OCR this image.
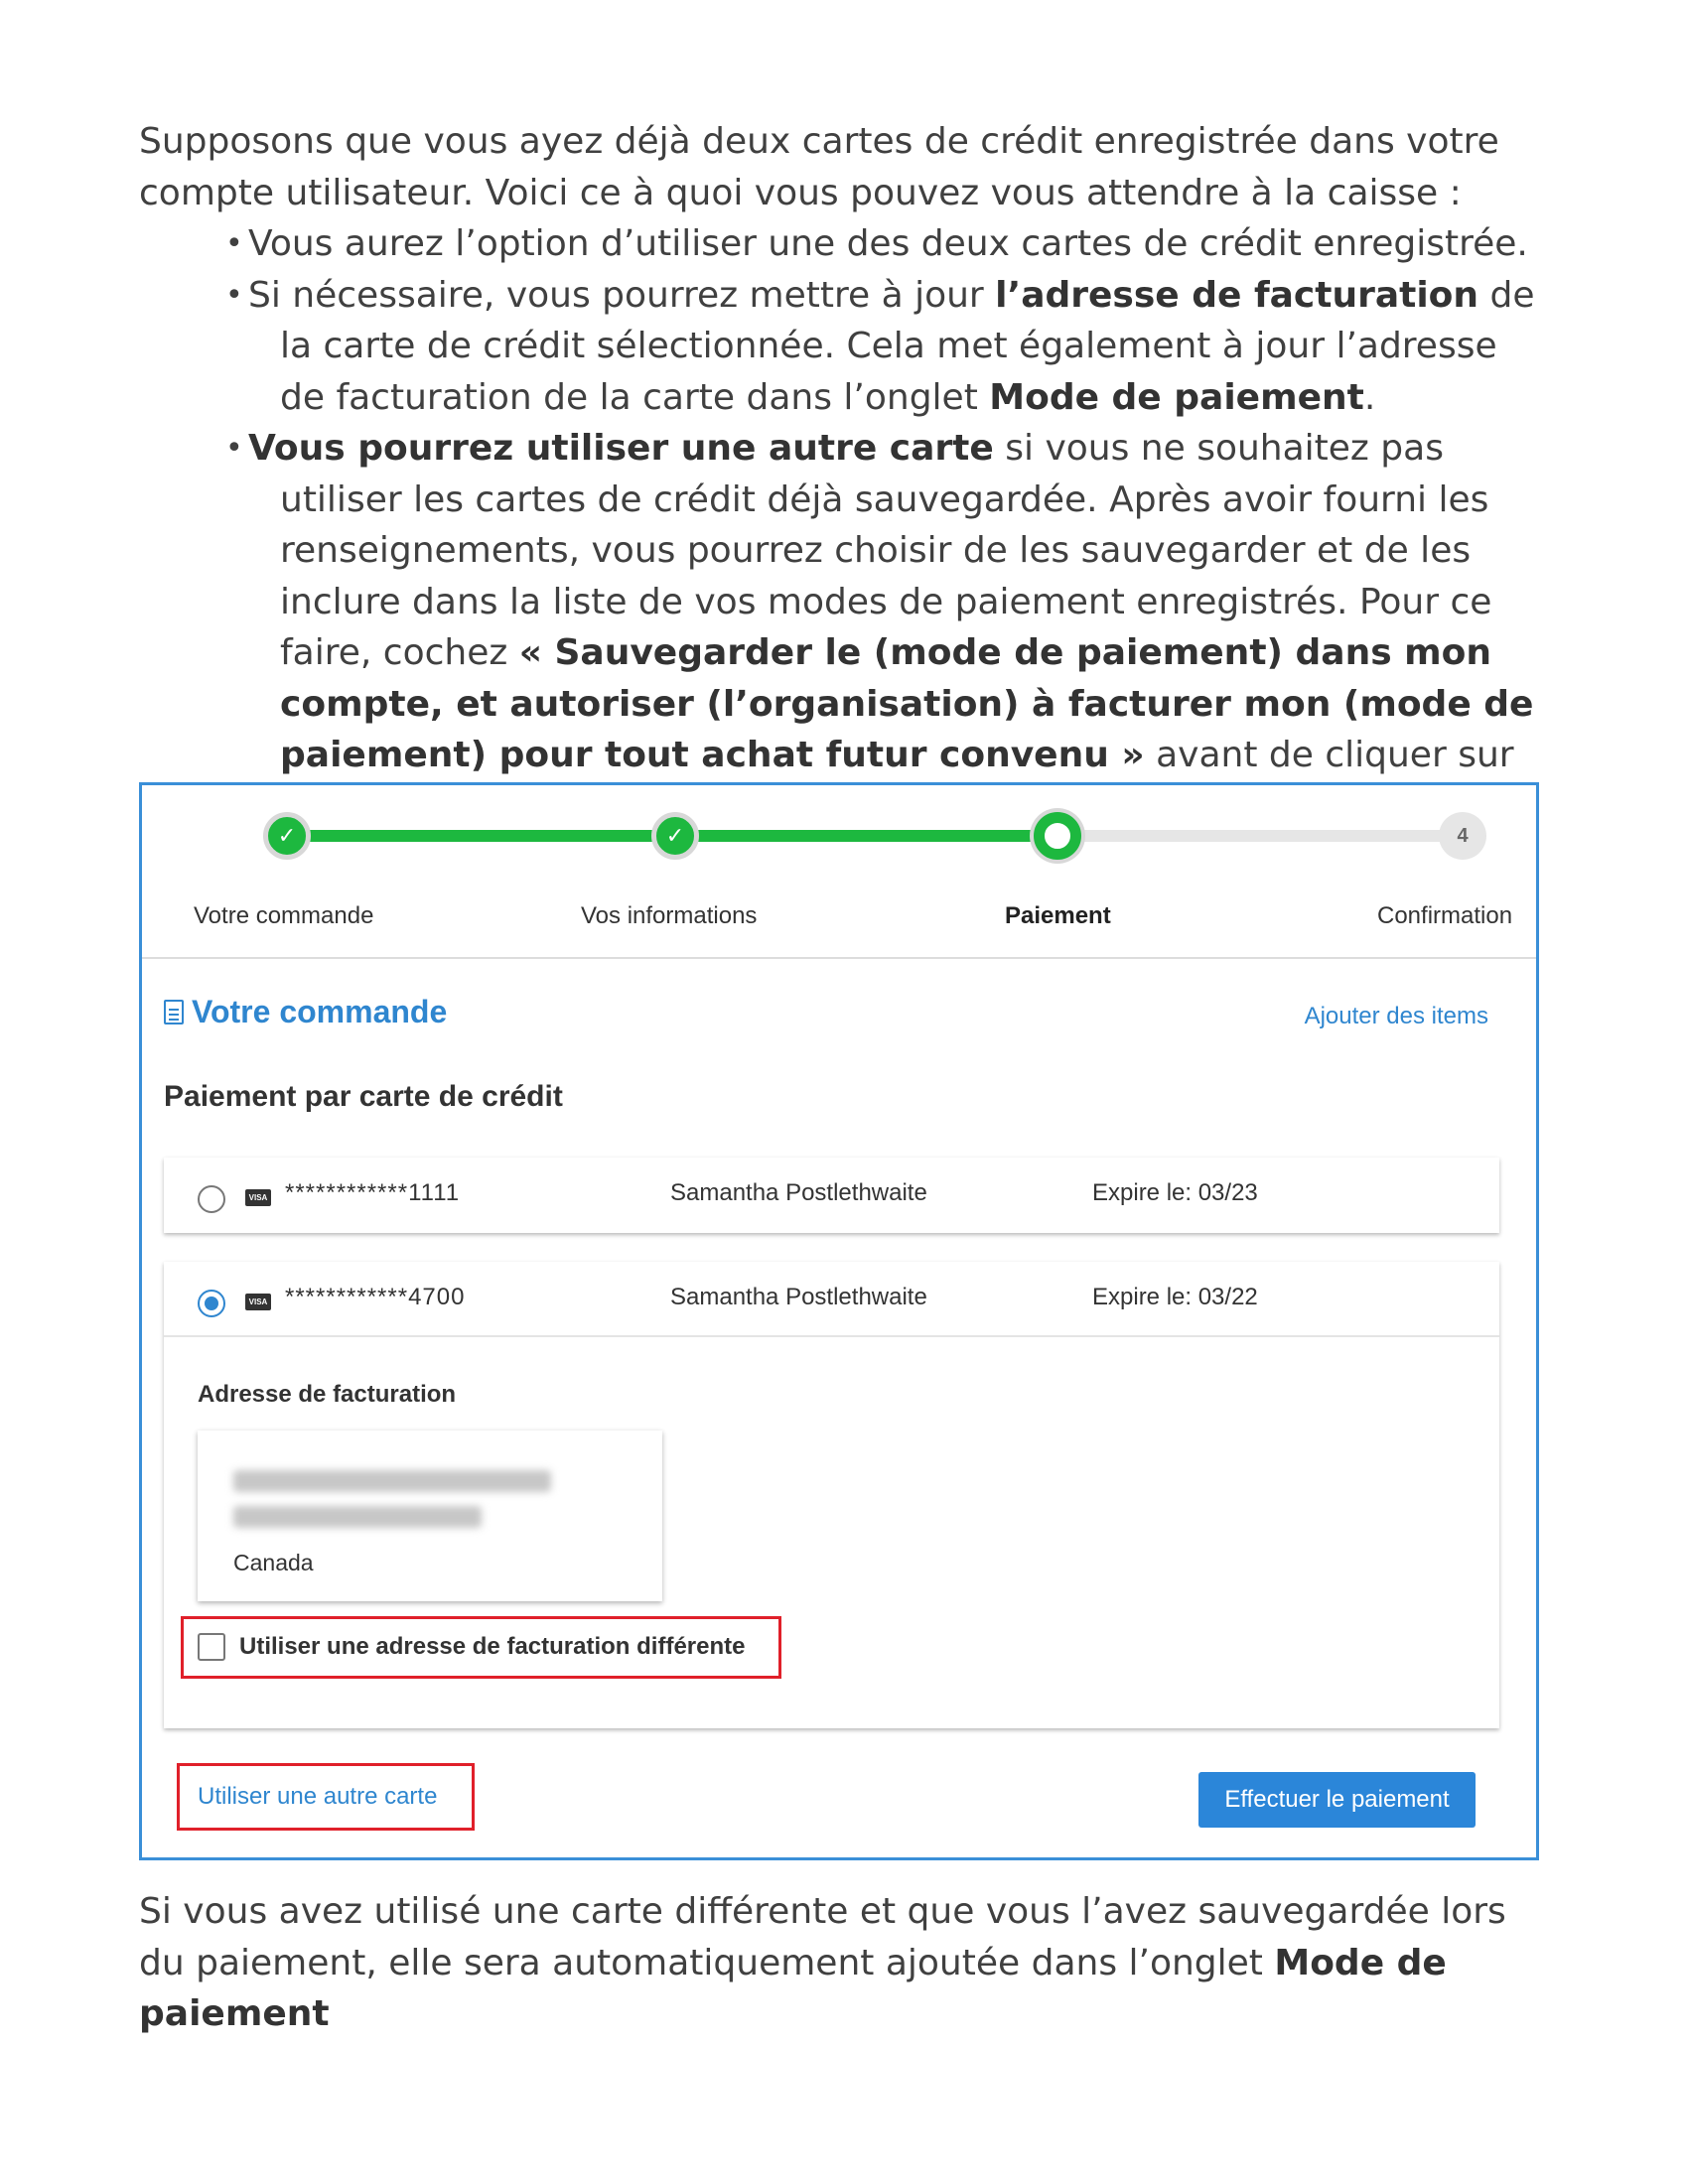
Supposons que vous ayez déjà deux cartes de crédit enregistrée dans votre compte utilisateur. Voici ce à quoi vous pouvez vous attendre à la caisse :

• Vous aurez l’option d’utiliser une des deux cartes de crédit enregistrée.
• Si nécessaire, vous pourrez mettre à jour l’adresse de facturation de la carte de crédit sélectionnée. Cela met également à jour l’adresse de facturation de la carte dans l’onglet Mode de paiement.
• Vous pourrez utiliser une autre carte si vous ne souhaitez pas utiliser les cartes de crédit déjà sauvegardée. Après avoir fourni les renseignements, vous pourrez choisir de les sauvegarder et de les inclure dans la liste de vos modes de paiement enregistrés. Pour ce faire, cochez « Sauvegarder le (mode de paiement) dans mon compte, et autoriser (l’organisation) à facturer mon (mode de paiement) pour tout achat futur convenu » avant de cliquer sur
✓	✓	4
Votre commande	Vos informations	Paiement	Confirmation
Votre commande	Ajouter des items
Paiement par carte de crédit
VISA ************1111	Samantha Postlethwaite	Expire le: 03/23
VISA ************4700	Samantha Postlethwaite	Expire le: 03/22
Adresse de facturation
Canada
Utiliser une adresse de facturation différente
Utiliser une autre carte	Effectuer le paiement

Si vous avez utilisé une carte différente et que vous l’avez sauvegardée lors du paiement, elle sera automatiquement ajoutée dans l’onglet Mode de paiement
